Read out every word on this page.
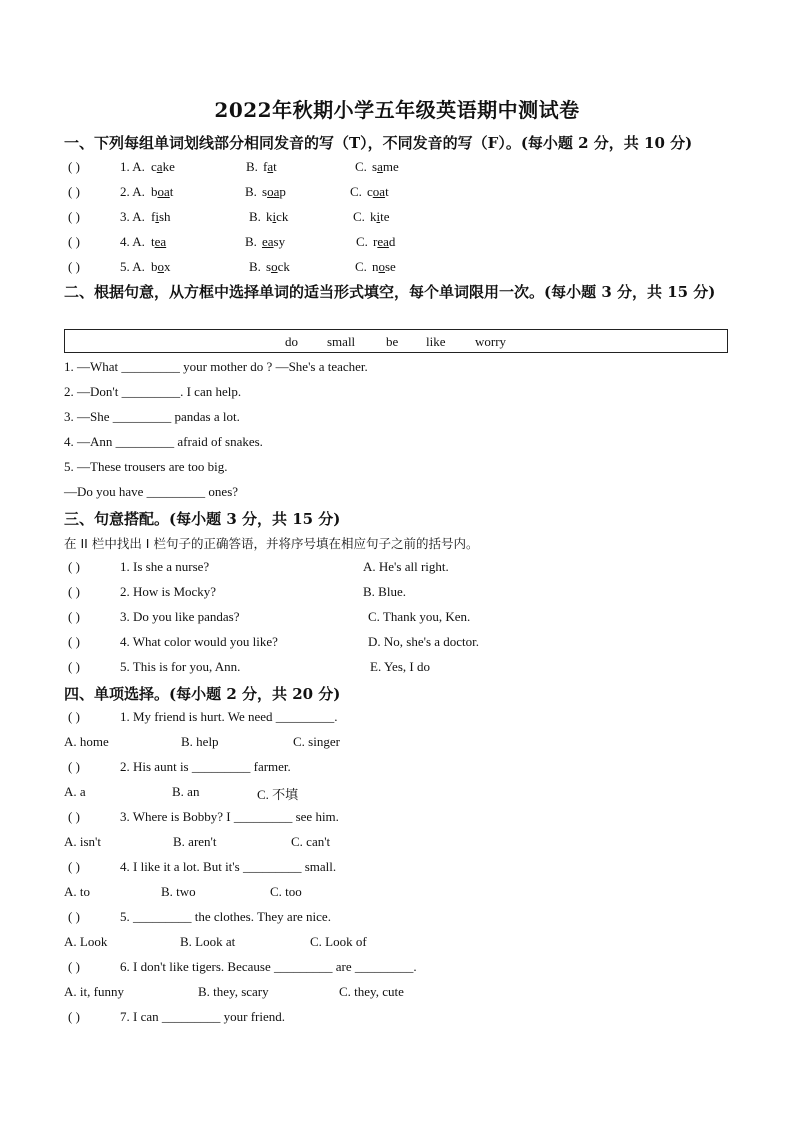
2022年秋期小学五年级英语期中测试卷
一、下列每组单词划线部分相同发音的写（T），不同发音的写（F）。(每小题 2 分，共 10 分)
( )	1. A. cake	B. fat	C. same
( )	2. A. boat	B. soap	C. coat
( )	3. A. fish	B. kick	C. kite
( )	4. A. tea	B. easy	C. read
( )	5. A. box	B. sock	C. nose
二、根据句意，从方框中选择单词的适当形式填空，每个单词限用一次。(每小题 3 分，共 15 分)
do small be like worry
1. —What _________ your mother do ? —She's a teacher.
2. —Don't _________. I can help.
3. —She _________ pandas a lot.
4. —Ann _________ afraid of snakes.
5. —These trousers are too big.
—Do you have _________ ones?
三、句意搭配。(每小题 3 分，共 15 分)
在 II 栏中找出 I 栏句子的正确答语，并将序号填在相应句子之前的括号内。
( )	1. Is she a nurse?	A. He's all right.
( )	2. How is Mocky?	B. Blue.
( )	3. Do you like pandas?	C. Thank you, Ken.
( )	4. What color would you like?	D. No, she's a doctor.
( )	5. This is for you, Ann.	E. Yes, I do
四、单项选择。(每小题 2 分，共 20 分)
( )	1. My friend is hurt. We need _________.
A. home	B. help	C. singer
( )	2. His aunt is _________ farmer.
A. a	B. an	C. 不填
( )	3. Where is Bobby? I _________ see him.
A. isn't	B. aren't	C. can't
( )	4. I like it a lot. But it's _________ small.
A. to	B. two	C. too
( )	5. _________ the clothes. They are nice.
A. Look	B. Look at	C. Look of
( )	6. I don't like tigers. Because _________ are _________.
A. it, funny	B. they, scary	C. they, cute
( )	7. I can _________ your friend.
